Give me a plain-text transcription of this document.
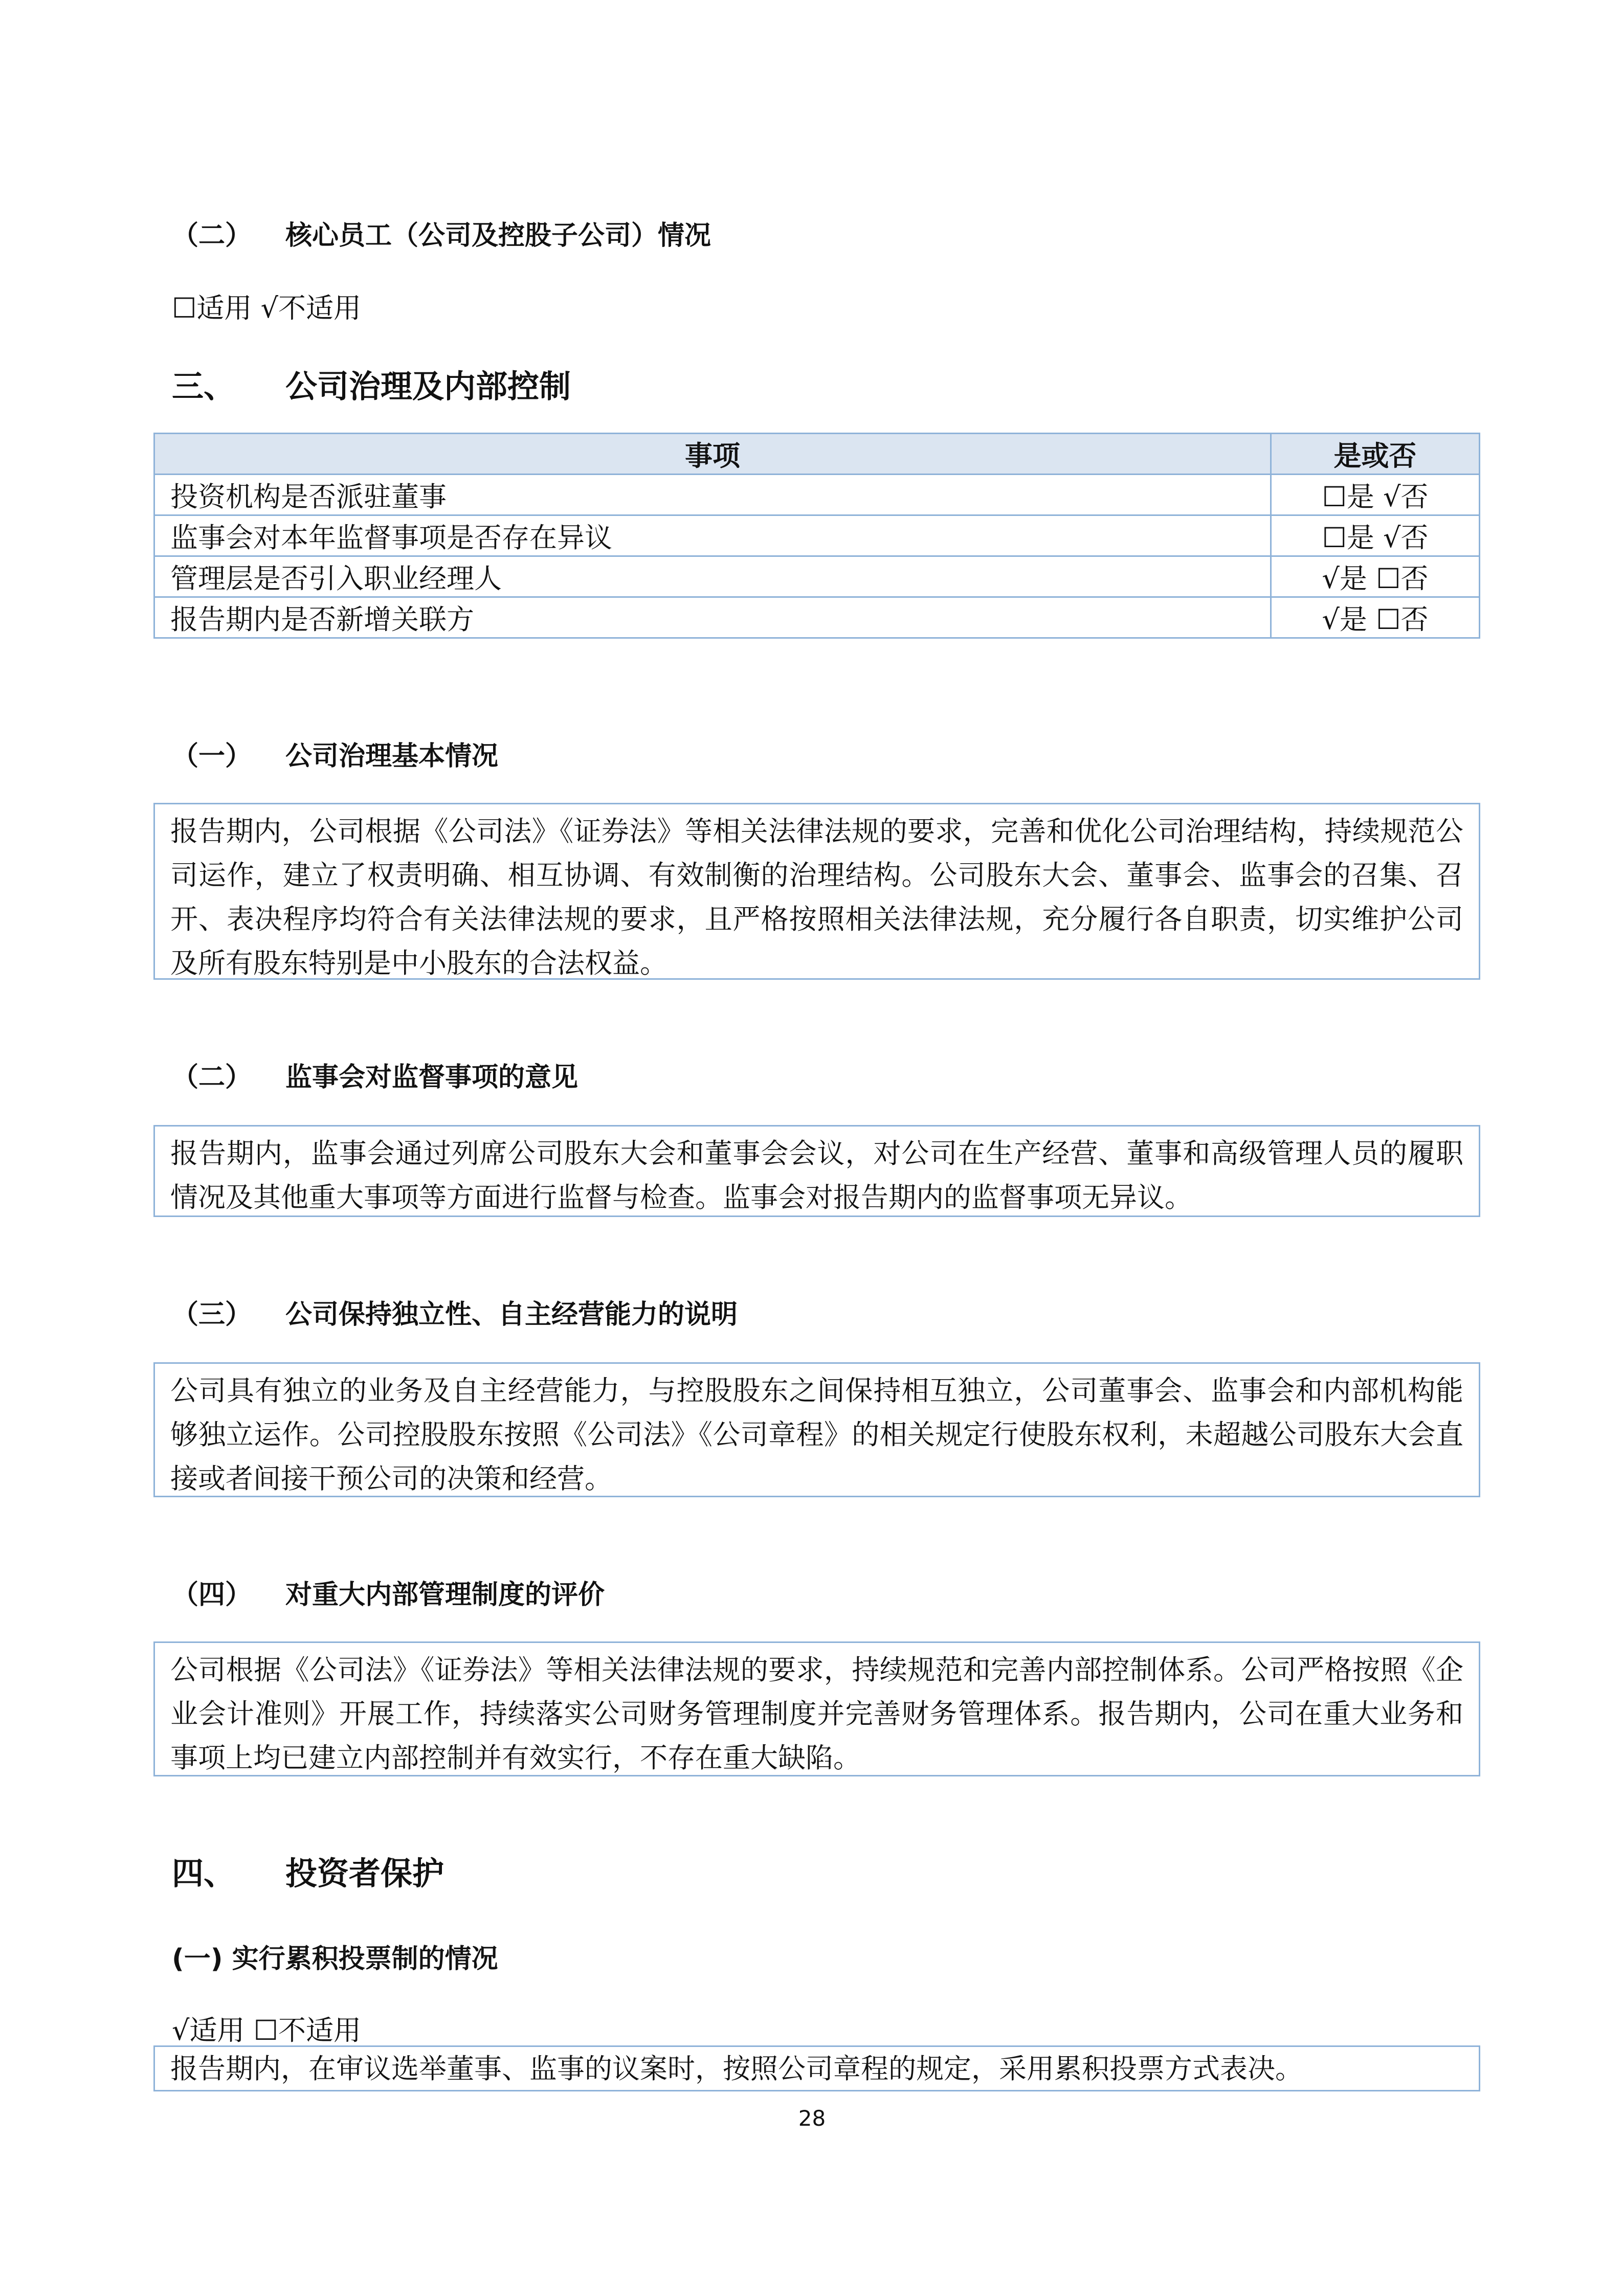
（二） 核心员工（公司及控股子公司）情况
☐适用 √不适用
三、 公司治理及内部控制
事项	是或否
投资机构是否派驻董事	☐是 √否
监事会对本年监督事项是否存在异议	☐是 √否
管理层是否引入职业经理人	√是 ☐否
报告期内是否新增关联方	√是 ☐否
（一） 公司治理基本情况
报告期内，公司根据《公司法》《证券法》等相关法律法规的要求，完善和优化公司治理结构，持续规范公司运作，建立了权责明确、相互协调、有效制衡的治理结构。公司股东大会、董事会、监事会的召集、召开、表决程序均符合有关法律法规的要求，且严格按照相关法律法规，充分履行各自职责，切实维护公司及所有股东特别是中小股东的合法权益。
（二） 监事会对监督事项的意见
报告期内，监事会通过列席公司股东大会和董事会会议，对公司在生产经营、董事和高级管理人员的履职情况及其他重大事项等方面进行监督与检查。监事会对报告期内的监督事项无异议。
（三） 公司保持独立性、自主经营能力的说明
公司具有独立的业务及自主经营能力，与控股股东之间保持相互独立，公司董事会、监事会和内部机构能够独立运作。公司控股股东按照《公司法》《公司章程》的相关规定行使股东权利，未超越公司股东大会直接或者间接干预公司的决策和经营。
（四） 对重大内部管理制度的评价
公司根据《公司法》《证券法》等相关法律法规的要求，持续规范和完善内部控制体系。公司严格按照《企业会计准则》开展工作，持续落实公司财务管理制度并完善财务管理体系。报告期内，公司在重大业务和事项上均已建立内部控制并有效实行，不存在重大缺陷。
四、 投资者保护
(一) 实行累积投票制的情况
√适用 ☐不适用
报告期内，在审议选举董事、监事的议案时，按照公司章程的规定，采用累积投票方式表决。
28
